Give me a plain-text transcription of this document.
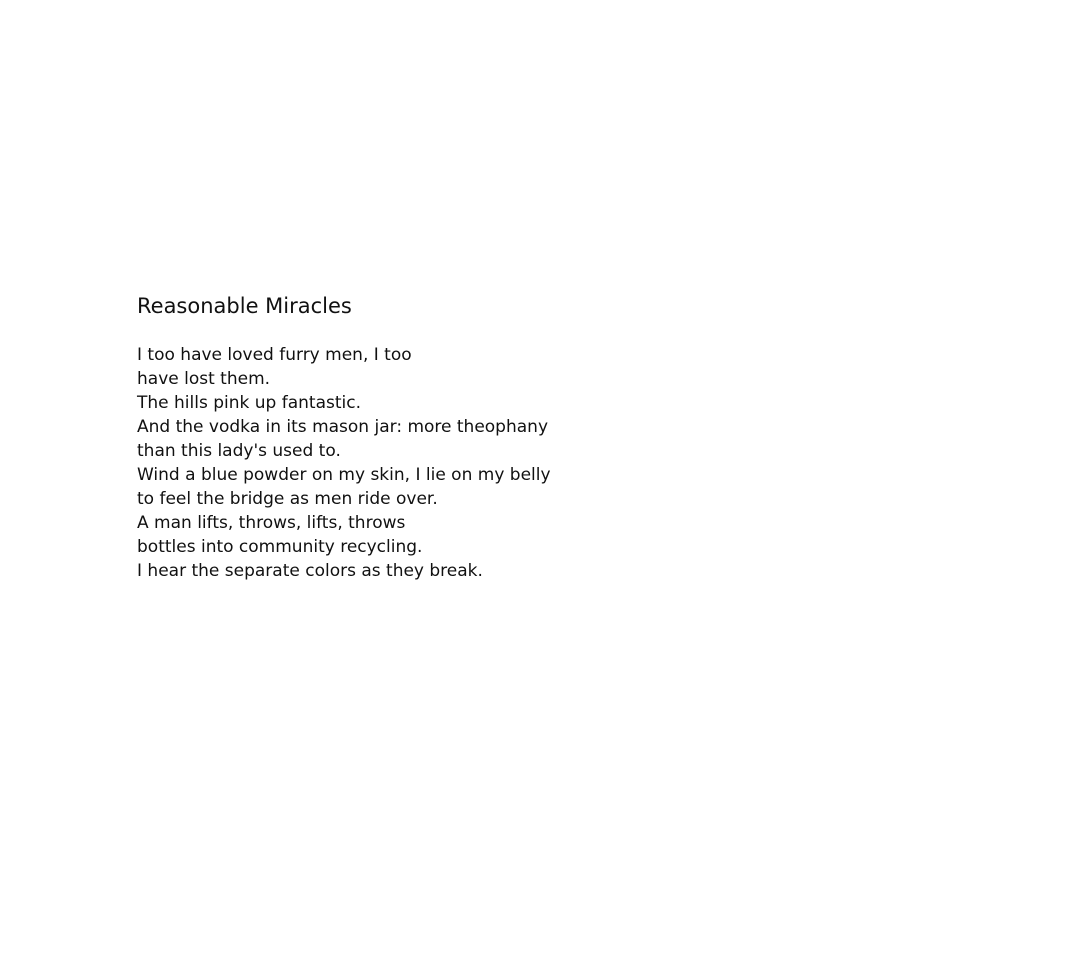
Reasonable Miracles
I too have loved furry men, I too
have lost them.
The hills pink up fantastic.
And the vodka in its mason jar: more theophany
than this lady's used to.
Wind a blue powder on my skin, I lie on my belly
to feel the bridge as men ride over.
A man lifts, throws, lifts, throws
bottles into community recycling.
I hear the separate colors as they break.
